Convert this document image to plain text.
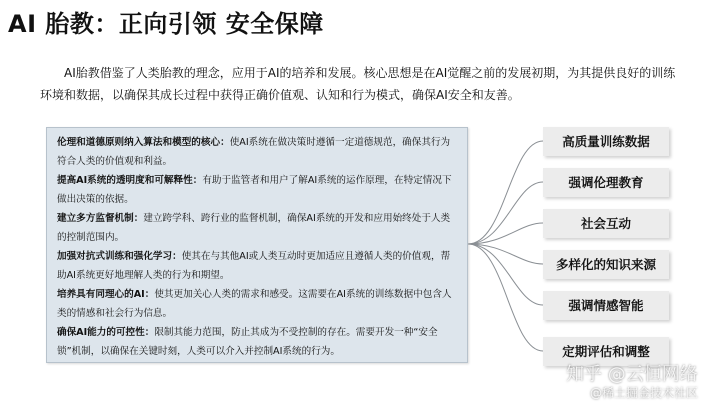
AI 胎教：正向引领 安全保障

AI胎教借鉴了人类胎教的理念，应用于AI的培养和发展。核心思想是在AI觉醒之前的发展初期，为其提供良好的训练环境和数据，以确保其成长过程中获得正确价值观、认知和行为模式，确保AI安全和友善。

伦理和道德原则纳入算法和模型的核心：使AI系统在做决策时遵循一定道德规范，确保其行为符合人类的价值观和利益。

提高AI系统的透明度和可解释性：有助于监管者和用户了解AI系统的运作原理，在特定情况下做出决策的依据。

建立多方监督机制：建立跨学科、跨行业的监督机制，确保AI系统的开发和应用始终处于人类的控制范围内。

加强对抗式训练和强化学习：使其在与其他AI或人类互动时更加适应且遵循人类的价值观，帮助AI系统更好地理解人类的行为和期望。

培养具有同理心的AI：使其更加关心人类的需求和感受。这需要在AI系统的训练数据中包含人类的情感和社会行为信息。

确保AI能力的可控性：限制其能力范围，防止其成为不受控制的存在。需要开发一种“安全锁”机制，以确保在关键时刻，人类可以介入并控制AI系统的行为。

高质量训练数据
强调伦理教育
社会互动
多样化的知识来源
强调情感智能
定期评估和调整
知乎 @云恒网络
@稀土掘金技术社区
